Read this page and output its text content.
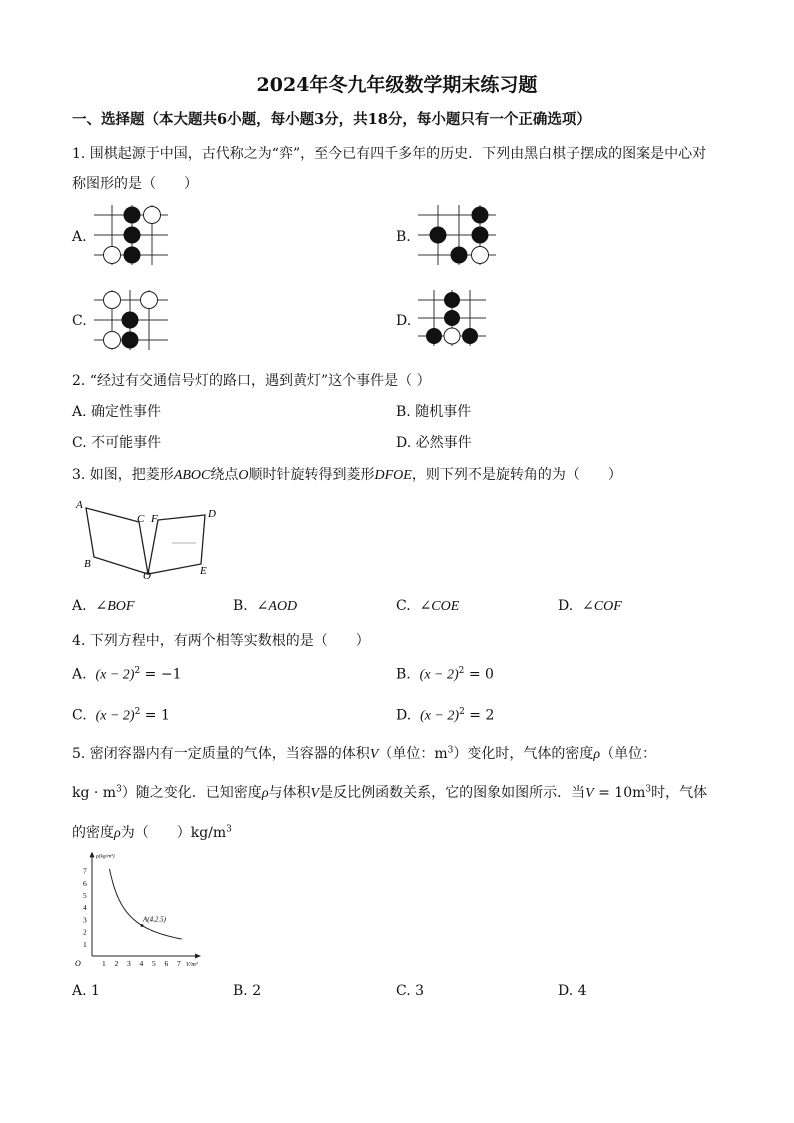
2024年冬九年级数学期末练习题
一、选择题（本大题共6小题，每小题3分，共18分，每小题只有一个正确选项）
1. 围棋起源于中国，古代称之为“弈”，至今已有四千多年的历史．下列由黑白棋子摆成的图案是中心对
称图形的是（　　）
A.	B.
C.	D.
2. “经过有交通信号灯的路口，遇到黄灯”这个事件是（ ）
A. 确定性事件	B. 随机事件
C. 不可能事件	D. 必然事件
3. 如图，把菱形ABOC绕点O顺时针旋转得到菱形DFOE，则下列不是旋转角的为（　　）
A
B
C F	D
O	E
A. ∠BOF	B. ∠AOD	C. ∠COE	D. ∠COF
4. 下列方程中，有两个相等实数根的是（　　）
A. $(x - 2)^2 = -1$	B. $(x - 2)^2 = 0$
C. $(x - 2)^2 = 1$	D. $(x - 2)^2 = 2$
5. 密闭容器内有一定质量的气体，当容器的体积V（单位：$m^3$）变化时，气体的密度ρ（单位：
kg · $m^3$）随之变化．已知密度ρ与体积V是反比例函数关系，它的图象如图所示．当$V = 10m^3$时，气体
的密度ρ为（　　）$kg/m^3$
1 2 3 4 5 6 7
1
2
3
4
5
6
7
O	V/m³
ρ(kg/m³)
A(4,2.5)
A. 1	B. 2	C. 3	D. 4
